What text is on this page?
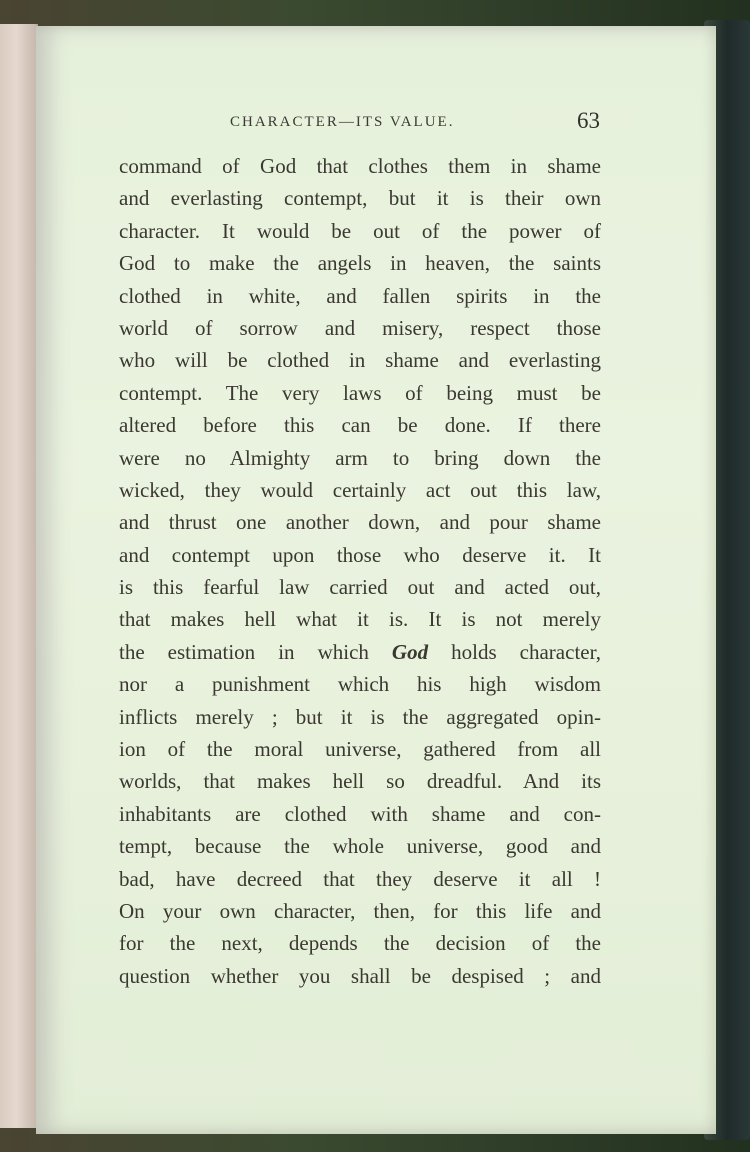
CHARACTER—ITS VALUE.	63
command of God that clothes them in shame
and everlasting contempt, but it is their own
character. It would be out of the power of
God to make the angels in heaven, the saints
clothed in white, and fallen spirits in the
world of sorrow and misery, respect those
who will be clothed in shame and everlasting
contempt. The very laws of being must be
altered before this can be done. If there
were no Almighty arm to bring down the
wicked, they would certainly act out this law,
and thrust one another down, and pour shame
and contempt upon those who deserve it. It
is this fearful law carried out and acted out,
that makes hell what it is. It is not merely
the estimation in which God holds character,
nor a punishment which his high wisdom
inflicts merely ; but it is the aggregated opin-
ion of the moral universe, gathered from all
worlds, that makes hell so dreadful. And its
inhabitants are clothed with shame and con-
tempt, because the whole universe, good and
bad, have decreed that they deserve it all !
On your own character, then, for this life and
for the next, depends the decision of the
question whether you shall be despised ; and
